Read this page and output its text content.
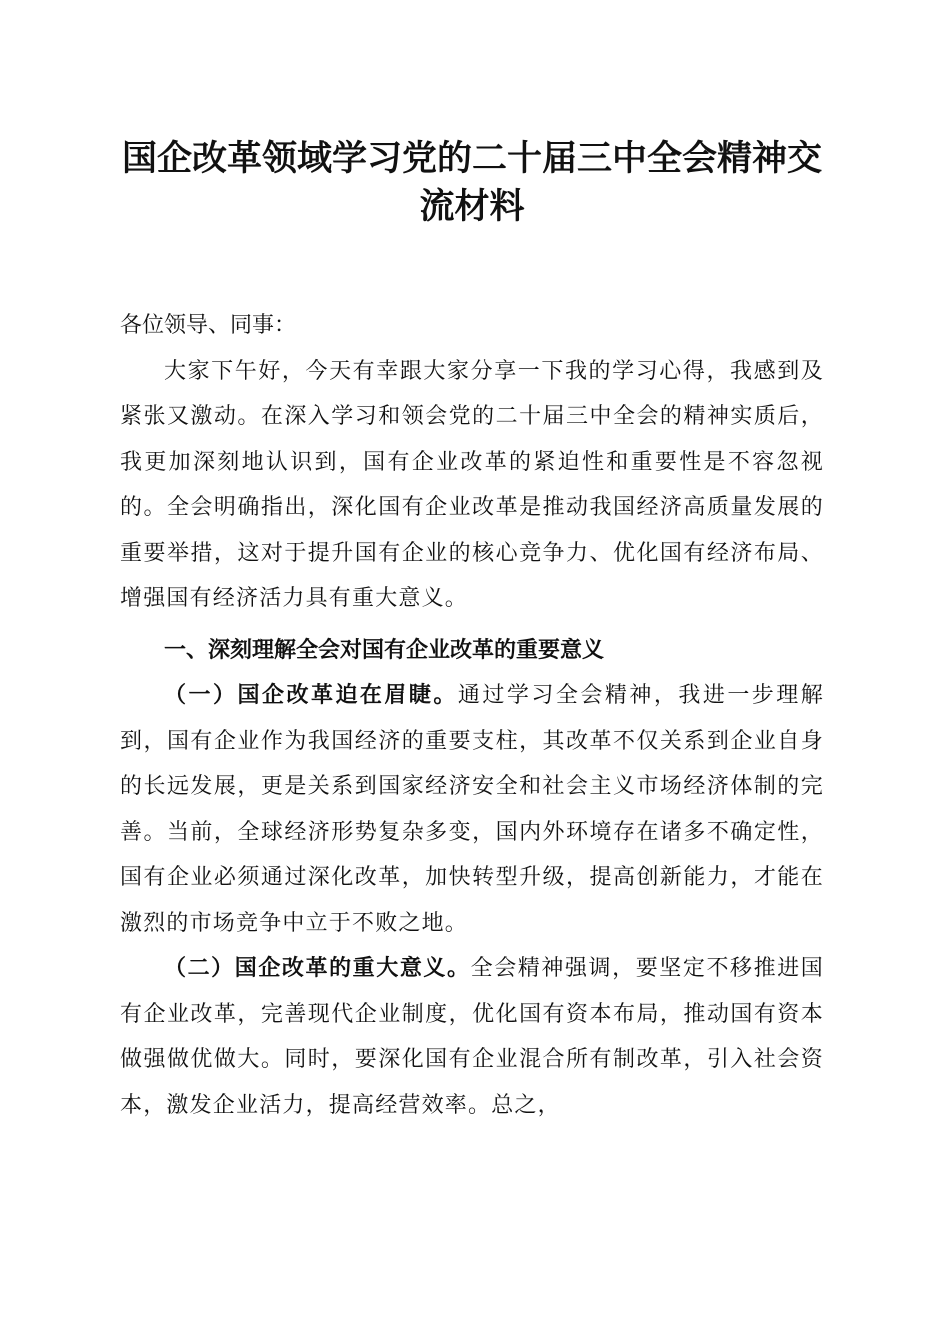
国企改革领域学习党的二十届三中全会精神交流材料

各位领导、同事：

大家下午好，今天有幸跟大家分享一下我的学习心得，我感到及紧张又激动。在深入学习和领会党的二十届三中全会的精神实质后，我更加深刻地认识到，国有企业改革的紧迫性和重要性是不容忽视的。全会明确指出，深化国有企业改革是推动我国经济高质量发展的重要举措，这对于提升国有企业的核心竞争力、优化国有经济布局、增强国有经济活力具有重大意义。

一、深刻理解全会对国有企业改革的重要意义

（一）国企改革迫在眉睫。通过学习全会精神，我进一步理解到，国有企业作为我国经济的重要支柱，其改革不仅关系到企业自身的长远发展，更是关系到国家经济安全和社会主义市场经济体制的完善。当前，全球经济形势复杂多变，国内外环境存在诸多不确定性，国有企业必须通过深化改革，加快转型升级，提高创新能力，才能在激烈的市场竞争中立于不败之地。

（二）国企改革的重大意义。全会精神强调，要坚定不移推进国有企业改革，完善现代企业制度，优化国有资本布局，推动国有资本做强做优做大。同时，要深化国有企业混合所有制改革，引入社会资本，激发企业活力，提高经营效率。总之，
